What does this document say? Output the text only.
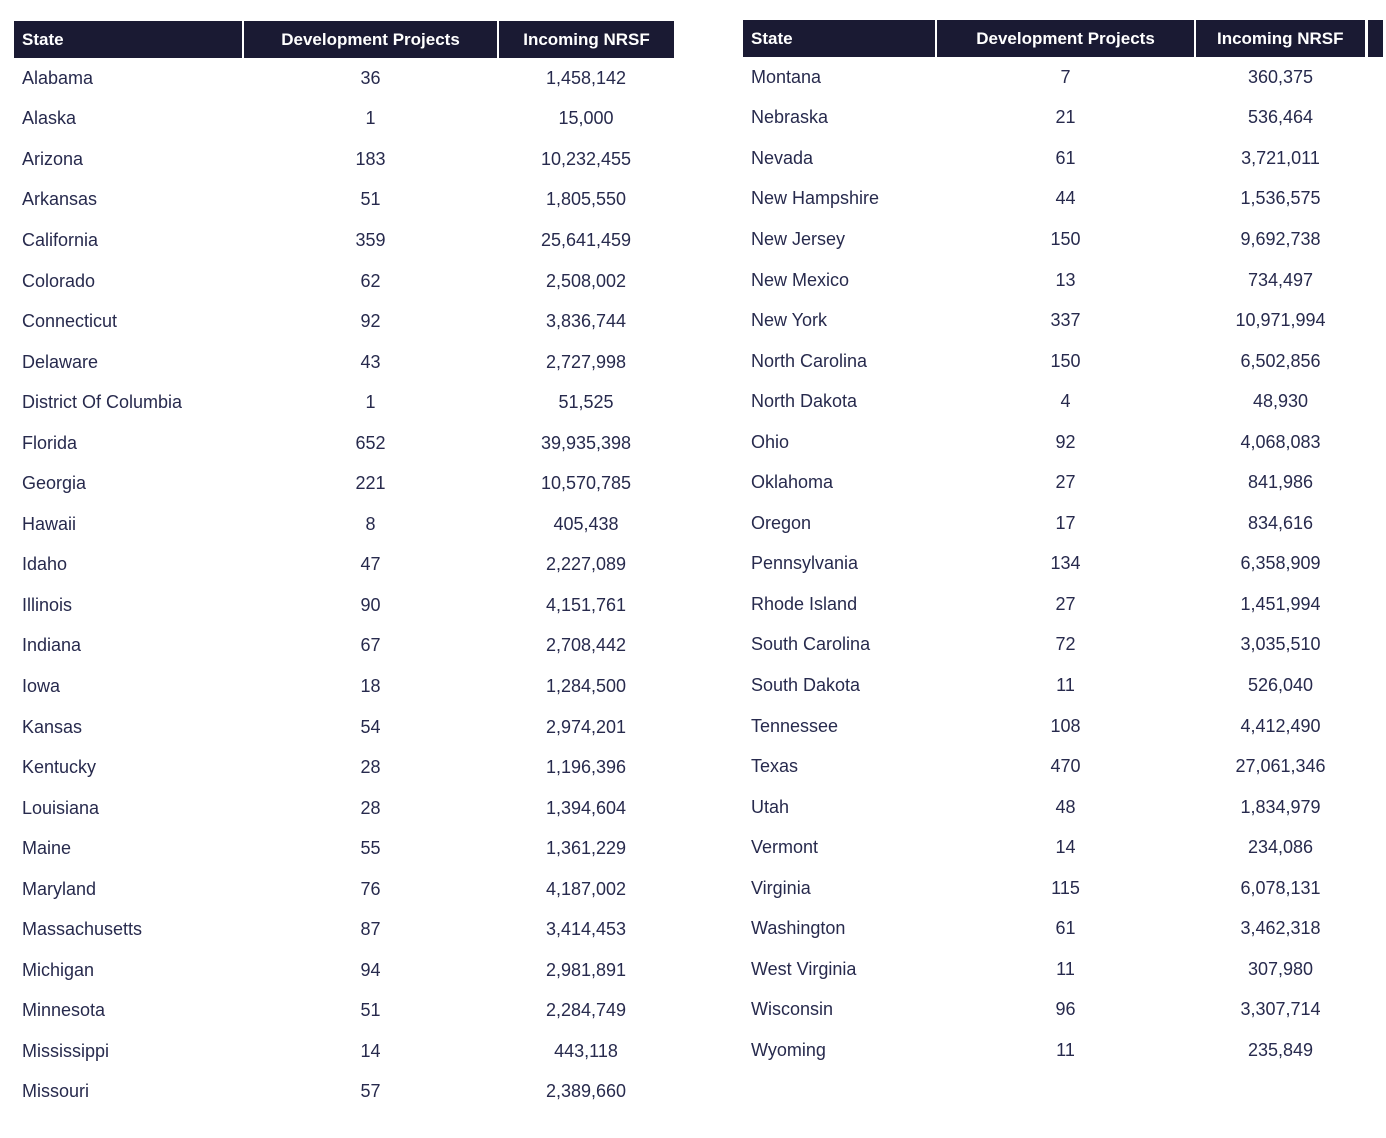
State	Development Projects	Incoming NRSF
Alabama	36	1,458,142
Alaska	1	15,000
Arizona	183	10,232,455
Arkansas	51	1,805,550
California	359	25,641,459
Colorado	62	2,508,002
Connecticut	92	3,836,744
Delaware	43	2,727,998
District Of Columbia	1	51,525
Florida	652	39,935,398
Georgia	221	10,570,785
Hawaii	8	405,438
Idaho	47	2,227,089
Illinois	90	4,151,761
Indiana	67	2,708,442
Iowa	18	1,284,500
Kansas	54	2,974,201
Kentucky	28	1,196,396
Louisiana	28	1,394,604
Maine	55	1,361,229
Maryland	76	4,187,002
Massachusetts	87	3,414,453
Michigan	94	2,981,891
Minnesota	51	2,284,749
Mississippi	14	443,118
Missouri	57	2,389,660
State	Development Projects	Incoming NRSF	
Montana	7	360,375	
Nebraska	21	536,464	
Nevada	61	3,721,011	
New Hampshire	44	1,536,575	
New Jersey	150	9,692,738	
New Mexico	13	734,497	
New York	337	10,971,994	
North Carolina	150	6,502,856	
North Dakota	4	48,930	
Ohio	92	4,068,083	
Oklahoma	27	841,986	
Oregon	17	834,616	
Pennsylvania	134	6,358,909	
Rhode Island	27	1,451,994	
South Carolina	72	3,035,510	
South Dakota	11	526,040	
Tennessee	108	4,412,490	
Texas	470	27,061,346	
Utah	48	1,834,979	
Vermont	14	234,086	
Virginia	115	6,078,131	
Washington	61	3,462,318	
West Virginia	11	307,980	
Wisconsin	96	3,307,714	
Wyoming	11	235,849	
